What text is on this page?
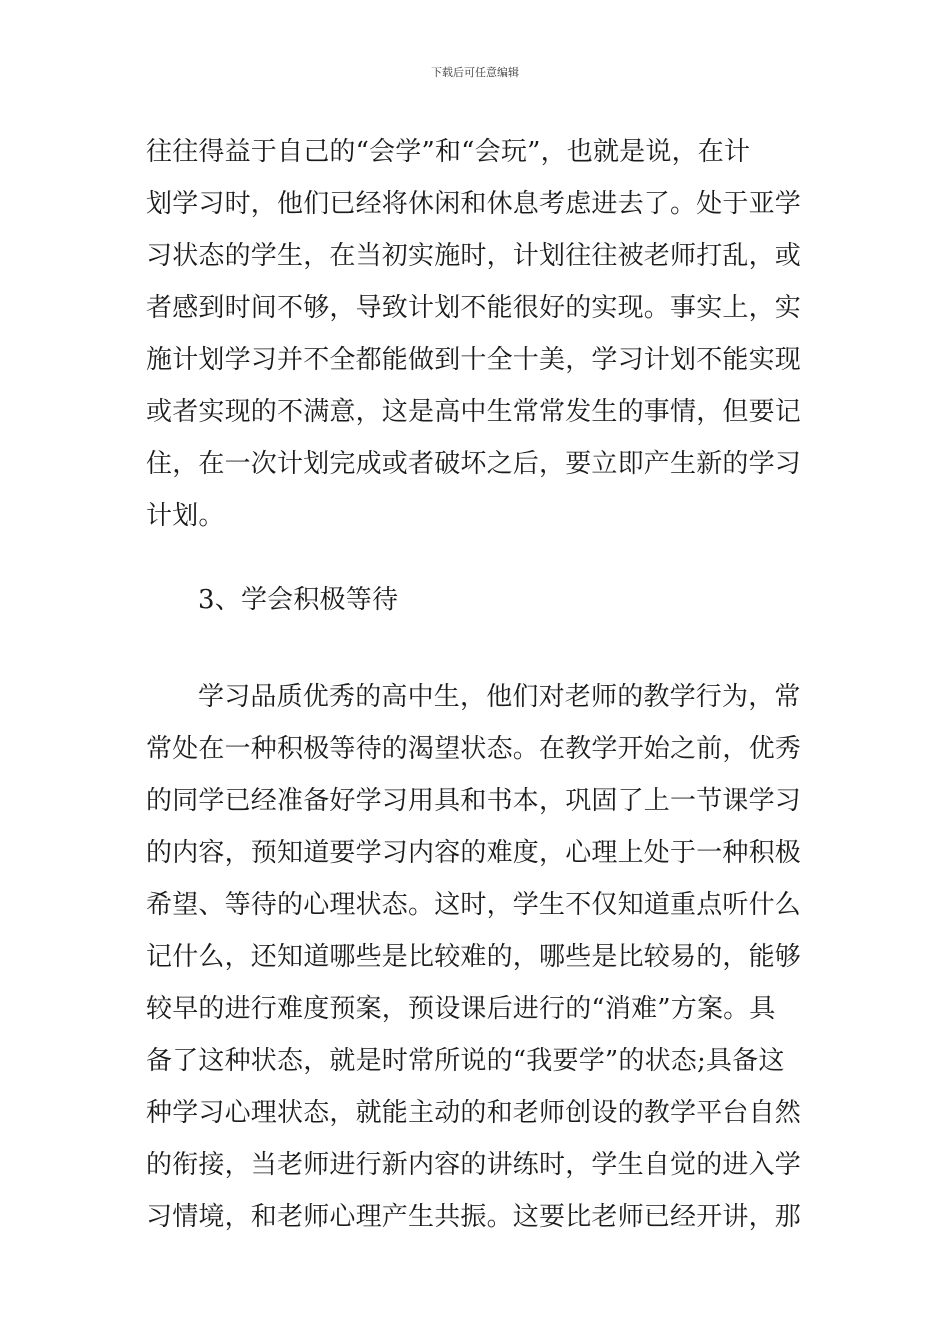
下载后可任意编辑
往往得益于自己的“会学”和“会玩”，也就是说，在计
划学习时，他们已经将休闲和休息考虑进去了。处于亚学
习状态的学生，在当初实施时，计划往往被老师打乱，或
者感到时间不够，导致计划不能很好的实现。事实上，实
施计划学习并不全都能做到十全十美，学习计划不能实现
或者实现的不满意，这是高中生常常发生的事情，但要记
住，在一次计划完成或者破坏之后，要立即产生新的学习
计划。
3、学会积极等待
学习品质优秀的高中生，他们对老师的教学行为，常
常处在一种积极等待的渴望状态。在教学开始之前，优秀
的同学已经准备好学习用具和书本，巩固了上一节课学习
的内容，预知道要学习内容的难度，心理上处于一种积极
希望、等待的心理状态。这时，学生不仅知道重点听什么
记什么，还知道哪些是比较难的，哪些是比较易的，能够
较早的进行难度预案，预设课后进行的“消难”方案。具
备了这种状态，就是时常所说的“我要学”的状态;具备这
种学习心理状态，就能主动的和老师创设的教学平台自然
的衔接，当老师进行新内容的讲练时，学生自觉的进入学
习情境，和老师心理产生共振。这要比老师已经开讲，那
